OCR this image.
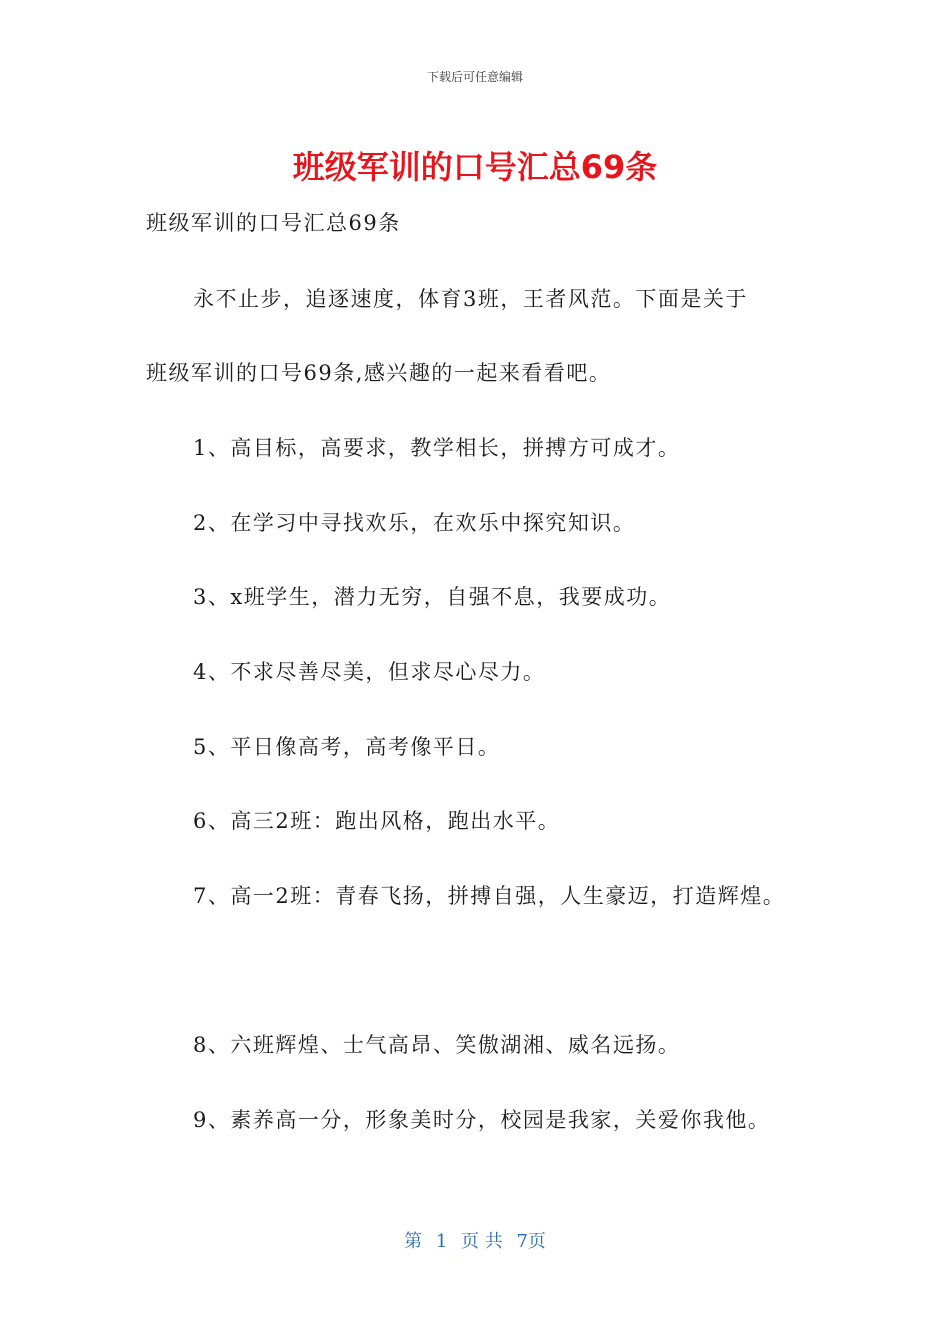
下载后可任意编辑
班级军训的口号汇总69条
班级军训的口号汇总69条
永不止步，追逐速度，体育3班，王者风范。下面是关于
班级军训的口号69条,感兴趣的一起来看看吧。
1、高目标，高要求，教学相长，拼搏方可成才。
2、在学习中寻找欢乐，在欢乐中探究知识。
3、x班学生，潜力无穷，自强不息，我要成功。
4、不求尽善尽美，但求尽心尽力。
5、平日像高考，高考像平日。
6、高三2班：跑出风格，跑出水平。
7、高一2班：青春飞扬，拼搏自强，人生豪迈，打造辉煌。
8、六班辉煌、士气高昂、笑傲湖湘、威名远扬。
9、素养高一分，形象美时分，校园是我家，关爱你我他。
第 1 页 共 7页
